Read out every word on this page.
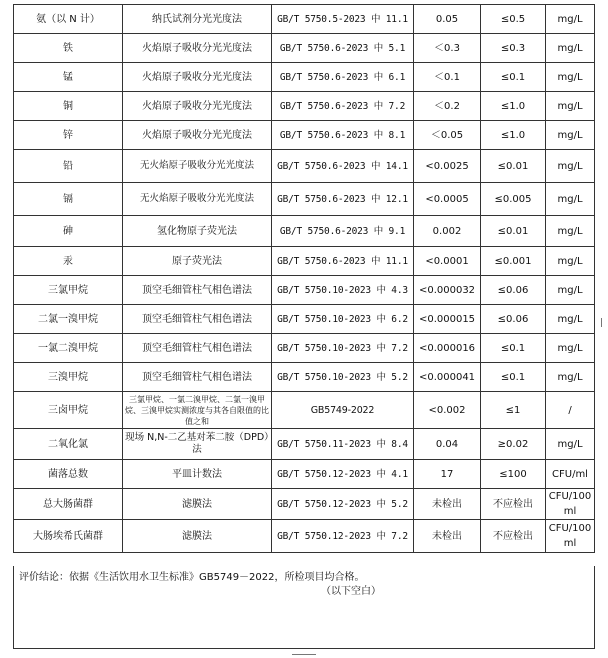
氨（以 N 计）	纳氏试剂分光光度法	GB/T 5750.5-2023 中 11.1	0.05	≤0.5	mg/L
铁	火焰原子吸收分光光度法	GB/T 5750.6-2023 中 5.1	＜0.3	≤0.3	mg/L
锰	火焰原子吸收分光光度法	GB/T 5750.6-2023 中 6.1	＜0.1	≤0.1	mg/L
铜	火焰原子吸收分光光度法	GB/T 5750.6-2023 中 7.2	＜0.2	≤1.0	mg/L
锌	火焰原子吸收分光光度法	GB/T 5750.6-2023 中 8.1	＜0.05	≤1.0	mg/L
铅	无火焰原子吸收分光光度法	GB/T 5750.6-2023 中 14.1	<0.0025	≤0.01	mg/L
镉	无火焰原子吸收分光光度法	GB/T 5750.6-2023 中 12.1	<0.0005	≤0.005	mg/L
砷	氢化物原子荧光法	GB/T 5750.6-2023 中 9.1	0.002	≤0.01	mg/L
汞	原子荧光法	GB/T 5750.6-2023 中 11.1	<0.0001	≤0.001	mg/L
三氯甲烷	顶空毛细管柱气相色谱法	GB/T 5750.10-2023 中 4.3	<0.000032	≤0.06	mg/L
二氯一溴甲烷	顶空毛细管柱气相色谱法	GB/T 5750.10-2023 中 6.2	<0.000015	≤0.06	mg/L
一氯二溴甲烷	顶空毛细管柱气相色谱法	GB/T 5750.10-2023 中 7.2	<0.000016	≤0.1	mg/L
三溴甲烷	顶空毛细管柱气相色谱法	GB/T 5750.10-2023 中 5.2	<0.000041	≤0.1	mg/L
三卤甲烷	三氯甲烷、一氯二溴甲烷、二氯一溴甲烷、三溴甲烷实测浓度与其各自限值的比值之和	GB5749-2022	<0.002	≤1	/
二氧化氯	现场 N,N-二乙基对苯二胺（DPD）法	GB/T 5750.11-2023 中 8.4	0.04	≥0.02	mg/L
菌落总数	平皿计数法	GB/T 5750.12-2023 中 4.1	17	≤100	CFU/ml
总大肠菌群	滤膜法	GB/T 5750.12-2023 中 5.2	未检出	不应检出	CFU/100 ml
大肠埃希氏菌群	滤膜法	GB/T 5750.12-2023 中 7.2	未检出	不应检出	CFU/100 ml
评价结论：依据《生活饮用水卫生标准》GB5749－2022，所检项目均合格。
（以下空白）
